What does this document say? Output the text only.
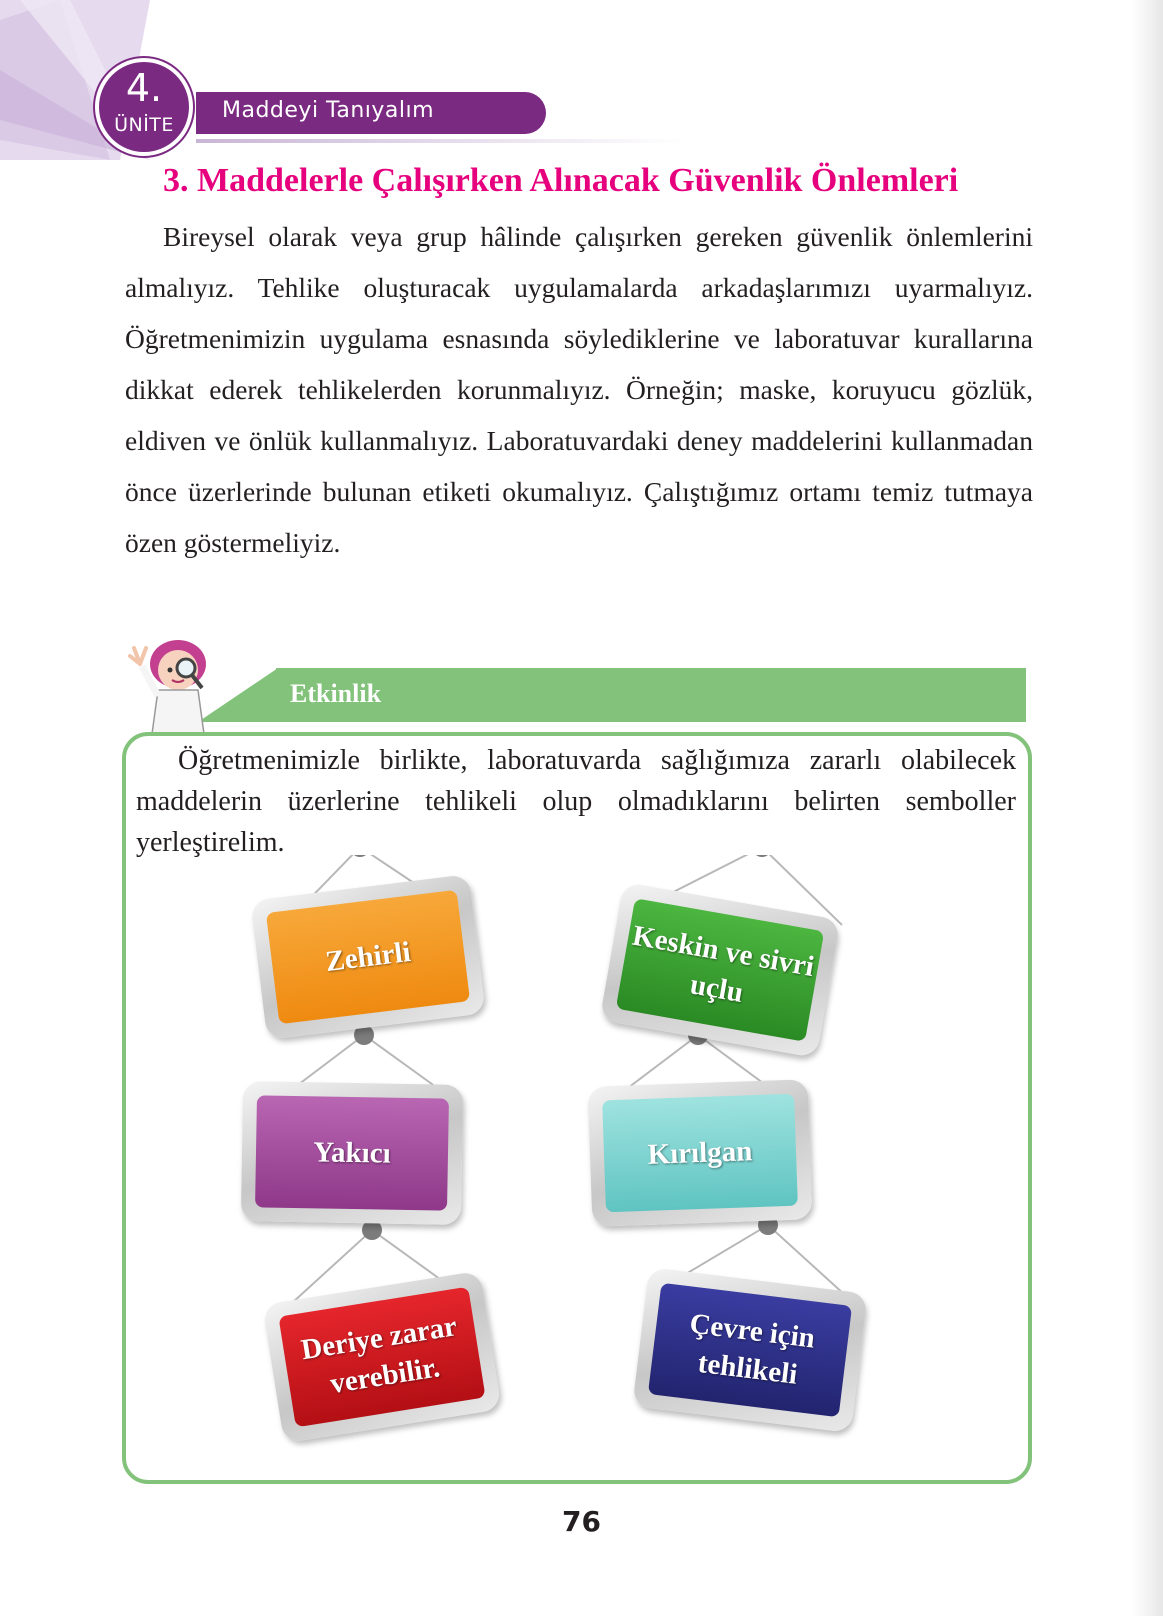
4.
ÜNİTE
Maddeyi Tanıyalım
3. Maddelerle Çalışırken Alınacak Güvenlik Önlemleri

Bireysel olarak veya grup hâlinde çalışırken gereken güvenlik önlemlerini almalıyız. Tehlike oluşturacak uygulamalarda arkadaşlarımızı uyarmalıyız. Öğretmenimizin uygulama esnasında söylediklerine ve laboratuvar kurallarına dikkat ederek tehlikelerden korunmalıyız. Örneğin; maske, koruyucu gözlük, eldiven ve önlük kullanmalıyız. Laboratuvardaki deney maddelerini kullanmadan önce üzerlerinde bulunan etiketi okumalıyız. Çalıştığımız ortamı temiz tutmaya özen göstermeliyiz.

Etkinlik

Öğretmenimizle birlikte, laboratuvarda sağlığımıza zararlı olabilecek maddelerin üzerlerine tehlikeli olup olmadıklarını belirten semboller yerleştirelim.

Zehirli	Keskin ve sivri uçlu
Yakıcı	Kırılgan
Deriye zarar verebilir.
Çevre için tehlikeli
76
